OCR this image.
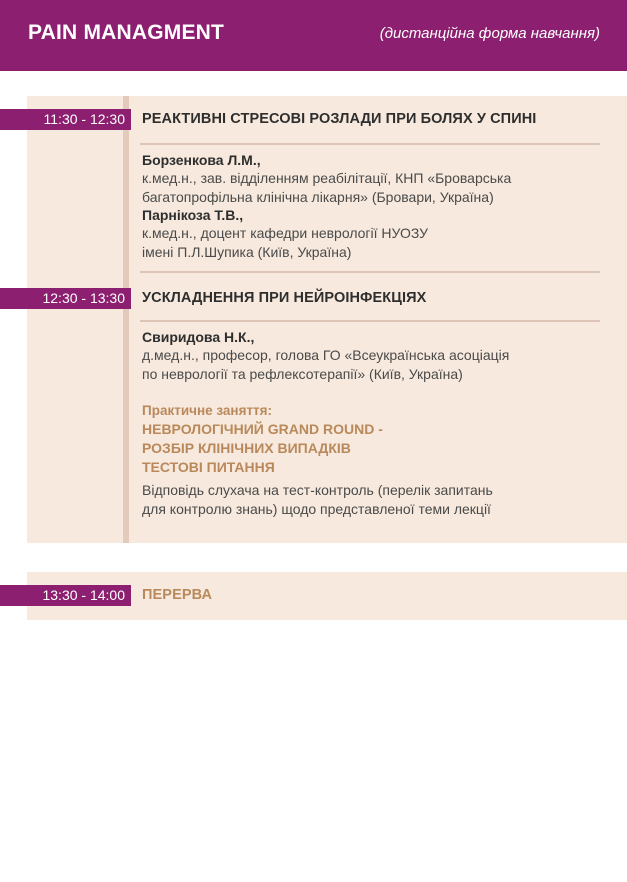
PAIN MANAGMENT	(дистанційна форма навчання)
11:30 - 12:30	РЕАКТИВНІ СТРЕСОВІ РОЗЛАДИ ПРИ БОЛЯХ У СПИНІ
Борзенкова Л.М.,
к.мед.н., зав. відділенням реабілітації, КНП «Броварська
багатопрофільна клінічна лікарня» (Бровари, Україна)
Парнікоза Т.В.,
к.мед.н., доцент кафедри неврології НУОЗУ
імені П.Л.Шупика (Київ, Україна)
12:30 - 13:30	УСКЛАДНЕННЯ ПРИ НЕЙРОІНФЕКЦІЯХ
Свиридова Н.К.,
д.мед.н., професор, голова ГО «Всеукраїнська асоціація
по неврології та рефлексотерапії» (Київ, Україна)
Практичне заняття:
НЕВРОЛОГІЧНИЙ GRAND ROUND -
РОЗБІР КЛІНІЧНИХ ВИПАДКІВ
ТЕСТОВІ ПИТАННЯ
Відповідь слухача на тест-контроль (перелік запитань
для контролю знань) щодо представленої теми лекції
13:30 - 14:00	ПЕРЕРВА
